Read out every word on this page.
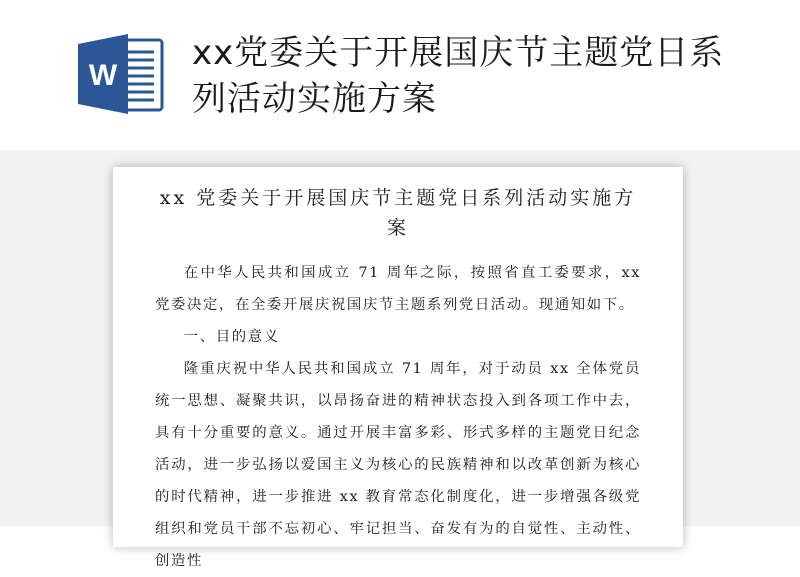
W
xx党委关于开展国庆节主题党日系列活动实施方案
xx 党委关于开展国庆节主题党日系列活动实施方案

在中华人民共和国成立 71 周年之际，按照省直工委要求，xx 党委决定，在全委开展庆祝国庆节主题系列党日活动。现通知如下。

一、目的意义

隆重庆祝中华人民共和国成立 71 周年，对于动员 xx 全体党员统一思想、凝聚共识，以昂扬奋进的精神状态投入到各项工作中去，具有十分重要的意义。通过开展丰富多彩、形式多样的主题党日纪念活动，进一步弘扬以爱国主义为核心的民族精神和以改革创新为核心的时代精神，进一步推进 xx 教育常态化制度化，进一步增强各级党组织和党员干部不忘初心、牢记担当、奋发有为的自觉性、主动性、创造性
